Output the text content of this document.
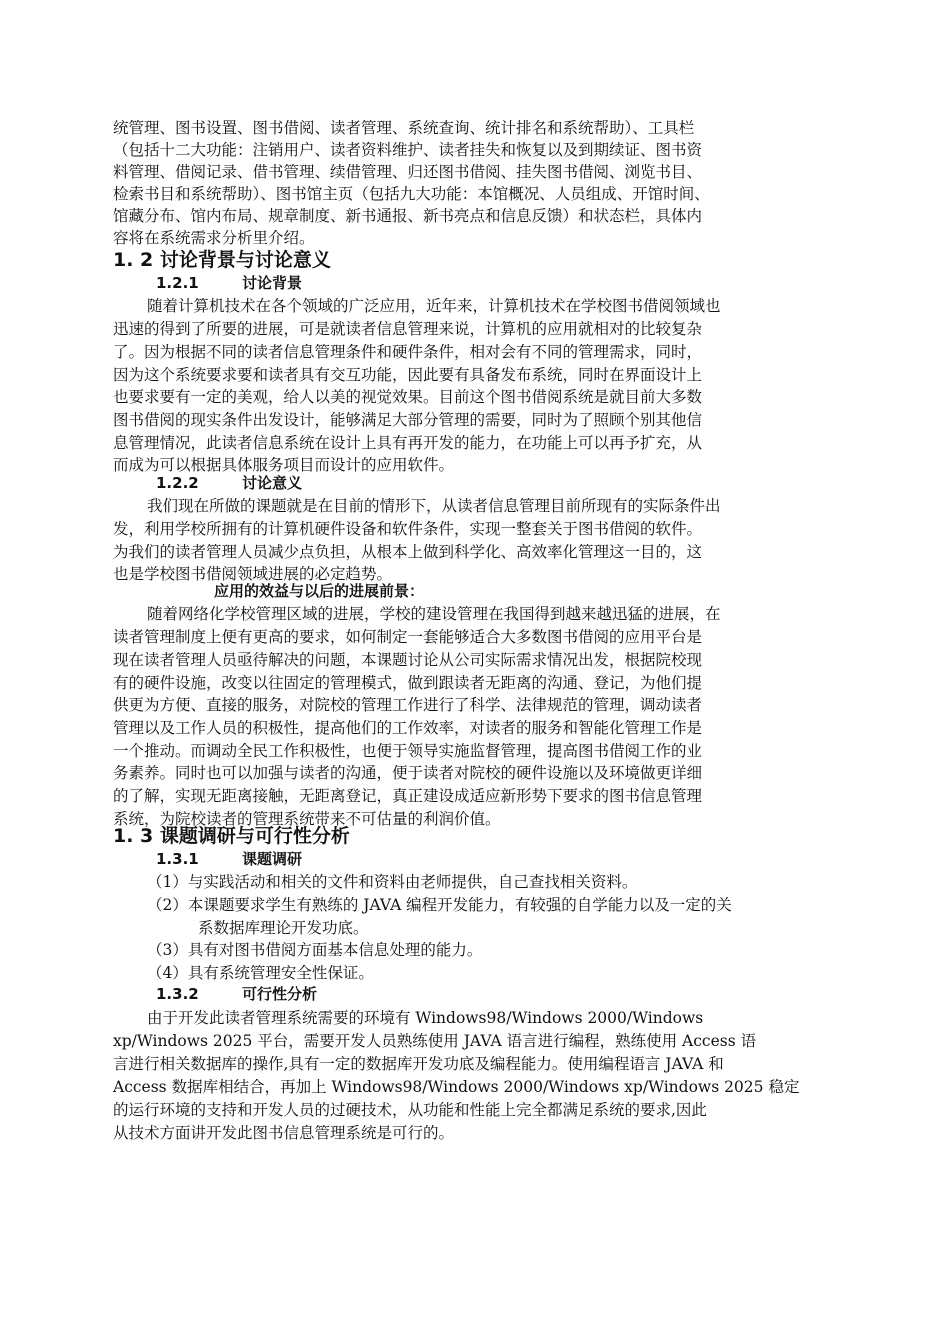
统管理、图书设置、图书借阅、读者管理、系统查询、统计排名和系统帮助）、工具栏
（包括十二大功能：注销用户、读者资料维护、读者挂失和恢复以及到期续证、图书资
料管理、借阅记录、借书管理、续借管理、归还图书借阅、挂失图书借阅、浏览书目、
检索书目和系统帮助）、图书馆主页（包括九大功能：本馆概况、人员组成、开馆时间、
馆藏分布、馆内布局、规章制度、新书通报、新书亮点和信息反馈）和状态栏，具体内
容将在系统需求分析里介绍。
1. 2 讨论背景与讨论意义
1.2.1	讨论背景
随着计算机技术在各个领域的广泛应用，近年来，计算机技术在学校图书借阅领域也
迅速的得到了所要的进展，可是就读者信息管理来说，计算机的应用就相对的比较复杂
了。因为根据不同的读者信息管理条件和硬件条件，相对会有不同的管理需求，同时，
因为这个系统要求要和读者具有交互功能，因此要有具备发布系统，同时在界面设计上
也要求要有一定的美观，给人以美的视觉效果。目前这个图书借阅系统是就目前大多数
图书借阅的现实条件出发设计，能够满足大部分管理的需要，同时为了照顾个别其他信
息管理情况，此读者信息系统在设计上具有再开发的能力，在功能上可以再予扩充，从
而成为可以根据具体服务项目而设计的应用软件。
1.2.2	讨论意义
我们现在所做的课题就是在目前的情形下，从读者信息管理目前所现有的实际条件出
发，利用学校所拥有的计算机硬件设备和软件条件，实现一整套关于图书借阅的软件。
为我们的读者管理人员减少点负担，从根本上做到科学化、高效率化管理这一目的，这
也是学校图书借阅领域进展的必定趋势。
应用的效益与以后的进展前景：
随着网络化学校管理区域的进展，学校的建设管理在我国得到越来越迅猛的进展，在
读者管理制度上便有更高的要求，如何制定一套能够适合大多数图书借阅的应用平台是
现在读者管理人员亟待解决的问题，本课题讨论从公司实际需求情况出发，根据院校现
有的硬件设施，改变以往固定的管理模式，做到跟读者无距离的沟通、登记，为他们提
供更为方便、直接的服务，对院校的管理工作进行了科学、法律规范的管理，调动读者
管理以及工作人员的积极性，提高他们的工作效率，对读者的服务和智能化管理工作是
一个推动。而调动全民工作积极性，也便于领导实施监督管理，提高图书借阅工作的业
务素养。同时也可以加强与读者的沟通，便于读者对院校的硬件设施以及环境做更详细
的了解，实现无距离接触，无距离登记，真正建设成适应新形势下要求的图书信息管理
系统，为院校读者的管理系统带来不可估量的利润价值。
1. 3 课题调研与可行性分析
1.3.1	课题调研
（1）与实践活动和相关的文件和资料由老师提供，自己查找相关资料。
（2）本课题要求学生有熟练的 JAVA 编程开发能力，有较强的自学能力以及一定的关
系数据库理论开发功底。
（3）具有对图书借阅方面基本信息处理的能力。
（4）具有系统管理安全性保证。
1.3.2	可行性分析
由于开发此读者管理系统需要的环境有 Windows98/Windows 2000/Windows
xp/Windows 2025 平台，需要开发人员熟练使用 JAVA 语言进行编程，熟练使用 Access 语
言进行相关数据库的操作,具有一定的数据库开发功底及编程能力。使用编程语言 JAVA 和
Access 数据库相结合，再加上 Windows98/Windows 2000/Windows xp/Windows 2025 稳定
的运行环境的支持和开发人员的过硬技术，从功能和性能上完全都满足系统的要求,因此
从技术方面讲开发此图书信息管理系统是可行的。
